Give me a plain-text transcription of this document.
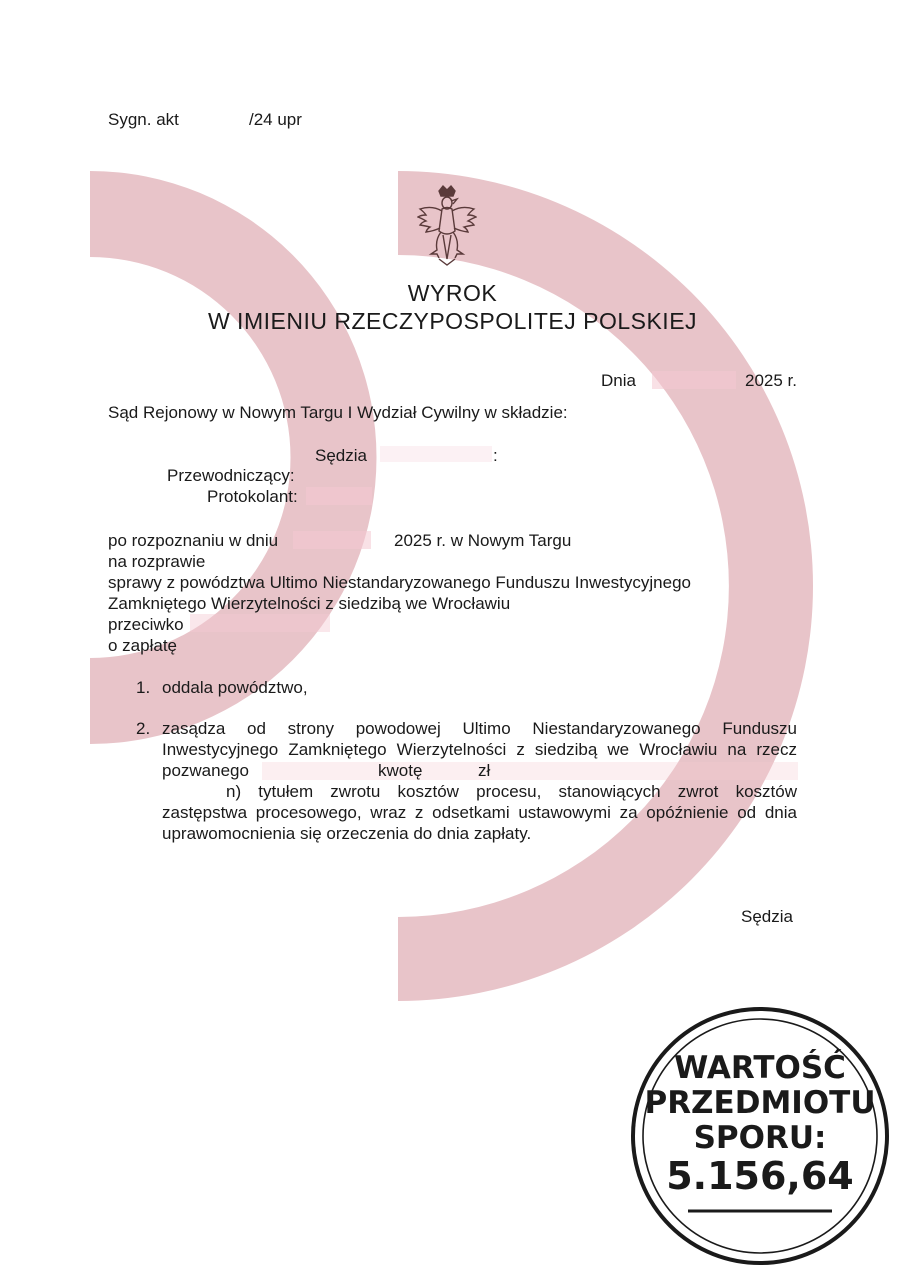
Sygn. akt	/24 upr
WYROK
W IMIENIU RZECZYPOSPOLITEJ POLSKIEJ
Dnia	2025 r.
Sąd Rejonowy w Nowym Targu I Wydział Cywilny w składzie:
Sędzia	:
Przewodniczący:
Protokolant:
po rozpoznaniu w dniu	2025 r. w Nowym Targu
na rozprawie
sprawy z powództwa Ultimo Niestandaryzowanego Funduszu Inwestycyjnego
Zamkniętego Wierzytelności z siedzibą we Wrocławiu
przeciwko
o zapłatę
1. oddala powództwo,
2. zasądza od strony powodowej Ultimo Niestandaryzowanego Funduszu
Inwestycyjnego Zamkniętego Wierzytelności z siedzibą we Wrocławiu na rzecz
pozwanego	kwotę	zł
n) tytułem zwrotu kosztów procesu, stanowiących zwrot kosztów
zastępstwa procesowego, wraz z odsetkami ustawowymi za opóźnienie od dnia
uprawomocnienia się orzeczenia do dnia zapłaty.
Sędzia
WARTOŚĆ
PRZEDMIOTU
SPORU:
5.156,64
